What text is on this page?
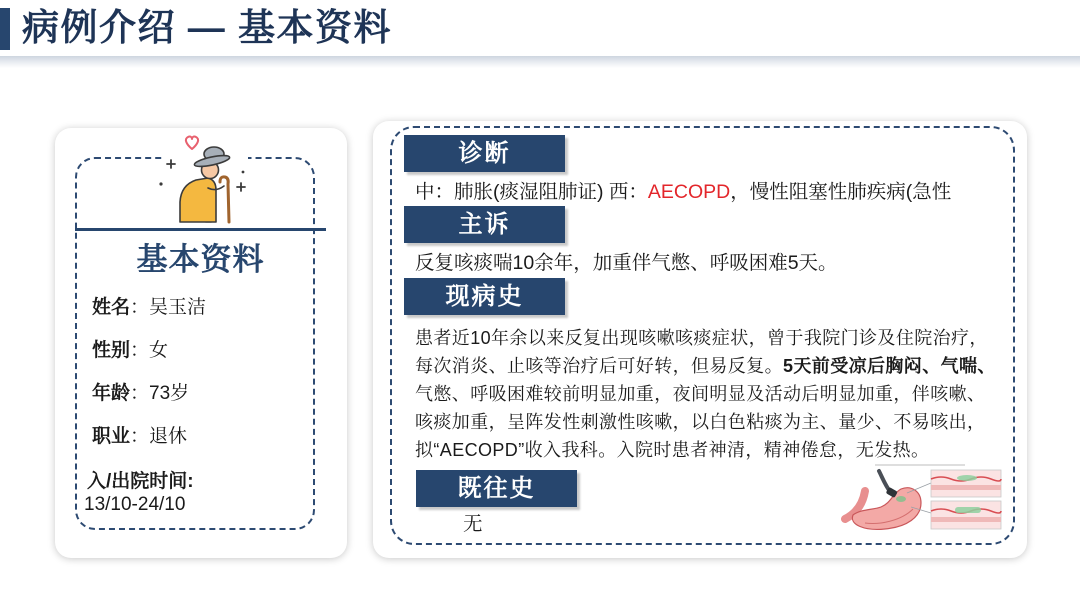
病例介绍 — 基本资料
基本资料
姓名：吴玉洁
性别：女
年龄：73岁
职业：退休
入/出院时间:
13/10-24/10
诊断
中：肺胀(痰湿阻肺证) 西：AECOPD，慢性阻塞性肺疾病(急性
主诉
反复咳痰喘10余年，加重伴气憋、呼吸困难5天。
现病史
患者近10年余以来反复出现咳嗽咳痰症状，曾于我院门诊及住院治疗，
每次消炎、止咳等治疗后可好转，但易反复。5天前受凉后胸闷、气喘、
气憋、呼吸困难较前明显加重，夜间明显及活动后明显加重，伴咳嗽、
咳痰加重，呈阵发性刺激性咳嗽，以白色粘痰为主、量少、不易咳出，
拟“AECOPD”收入我科。入院时患者神清，精神倦怠，无发热。
既往史
无
